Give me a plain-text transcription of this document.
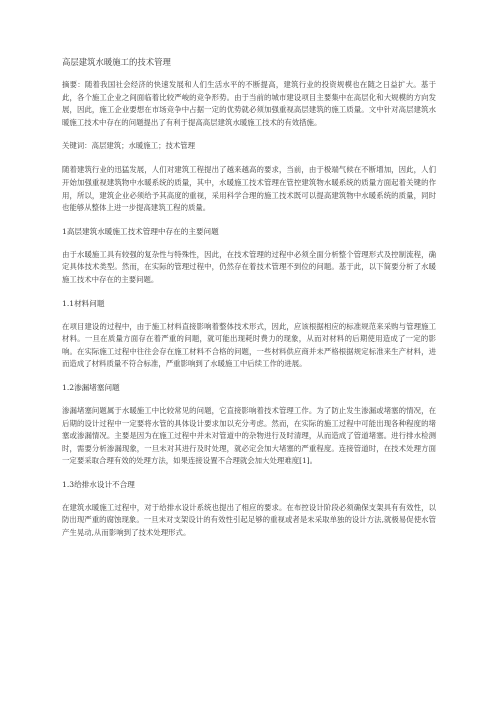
高层建筑水暖施工的技术管理

摘要：随着我国社会经济的快速发展和人们生活水平的不断提高，建筑行业的投资规模也在随之日益扩大。基于此，各个施工企业之间面临着比较严峻的竞争形势。由于当前的城市建设项目主要集中在高层化和大规模的方向发展，因此，施工企业要想在市场竞争中占据一定的优势就必须加强重视高层建筑的施工质量。文中针对高层建筑水暖施工技术中存在的问题提出了有利于提高高层建筑水暖施工技术的有效措施。

关键词：高层建筑；水暖施工；技术管理

随着建筑行业的迅猛发展，人们对建筑工程提出了越来越高的要求，当前，由于极端气候在不断增加，因此，人们开始加强重视建筑物中水暖系统的质量，其中，水暖施工技术管理在管控建筑物水暖系统的质量方面起着关键的作用，所以，建筑企业必须给予其高度的重视，采用科学合理的施工技术既可以提高建筑物中水暖系统的质量，同时也能够从整体上进一步提高建筑工程的质量。

1高层建筑水暖施工技术管理中存在的主要问题

由于水暖施工具有较强的复杂性与特殊性，因此，在技术管理的过程中必须全面分析整个管理形式及控制流程，确定具体技术类型。然而，在实际的管理过程中，仍然存在着技术管理不到位的问题。基于此，以下简要分析了水暖施工技术中存在的主要问题。

1.1材料问题

在项目建设的过程中，由于施工材料直接影响着整体技术形式，因此，应该根据相应的标准规范来采购与管理施工材料。一旦在质量方面存在着严重的问题，就可能出现耗时费力的现象，从而对材料的后期使用造成了一定的影响。在实际施工过程中往往会存在施工材料不合格的问题，一些材料供应商并未严格根据规定标准来生产材料，进而造成了材料质量不符合标准，严重影响到了水暖施工中后续工作的进展。

1.2渗漏堵塞问题

渗漏堵塞问题属于水暖施工中比较常见的问题，它直接影响着技术管理工作。为了防止发生渗漏或堵塞的情况，在后期的设计过程中一定要将水管的具体设计要求加以充分考虑。然而，在实际的施工过程中可能出现各种程度的堵塞或渗漏情况。主要是因为在施工过程中并未对管道中的杂物进行及时清理，从而造成了管道堵塞。进行排水检测时，需要分析渗漏现象，一旦未对其进行及时处理，就必定会加大堵塞的严重程度。连接管道时，在技术处理方面一定要采取合理有效的处理方法，如果连接设置不合理就会加大处理难度[1]。

1.3给排水设计不合理

在建筑水暖施工过程中，对于给排水设计系统也提出了相应的要求。在布控设计阶段必须确保支架具有有效性，以防出现严重的腐蚀现象。一旦未对支架设计的有效性引起足够的重视或者是未采取单独的设计方法,就极易促使水管产生晃动,从而影响到了技术处理形式。
